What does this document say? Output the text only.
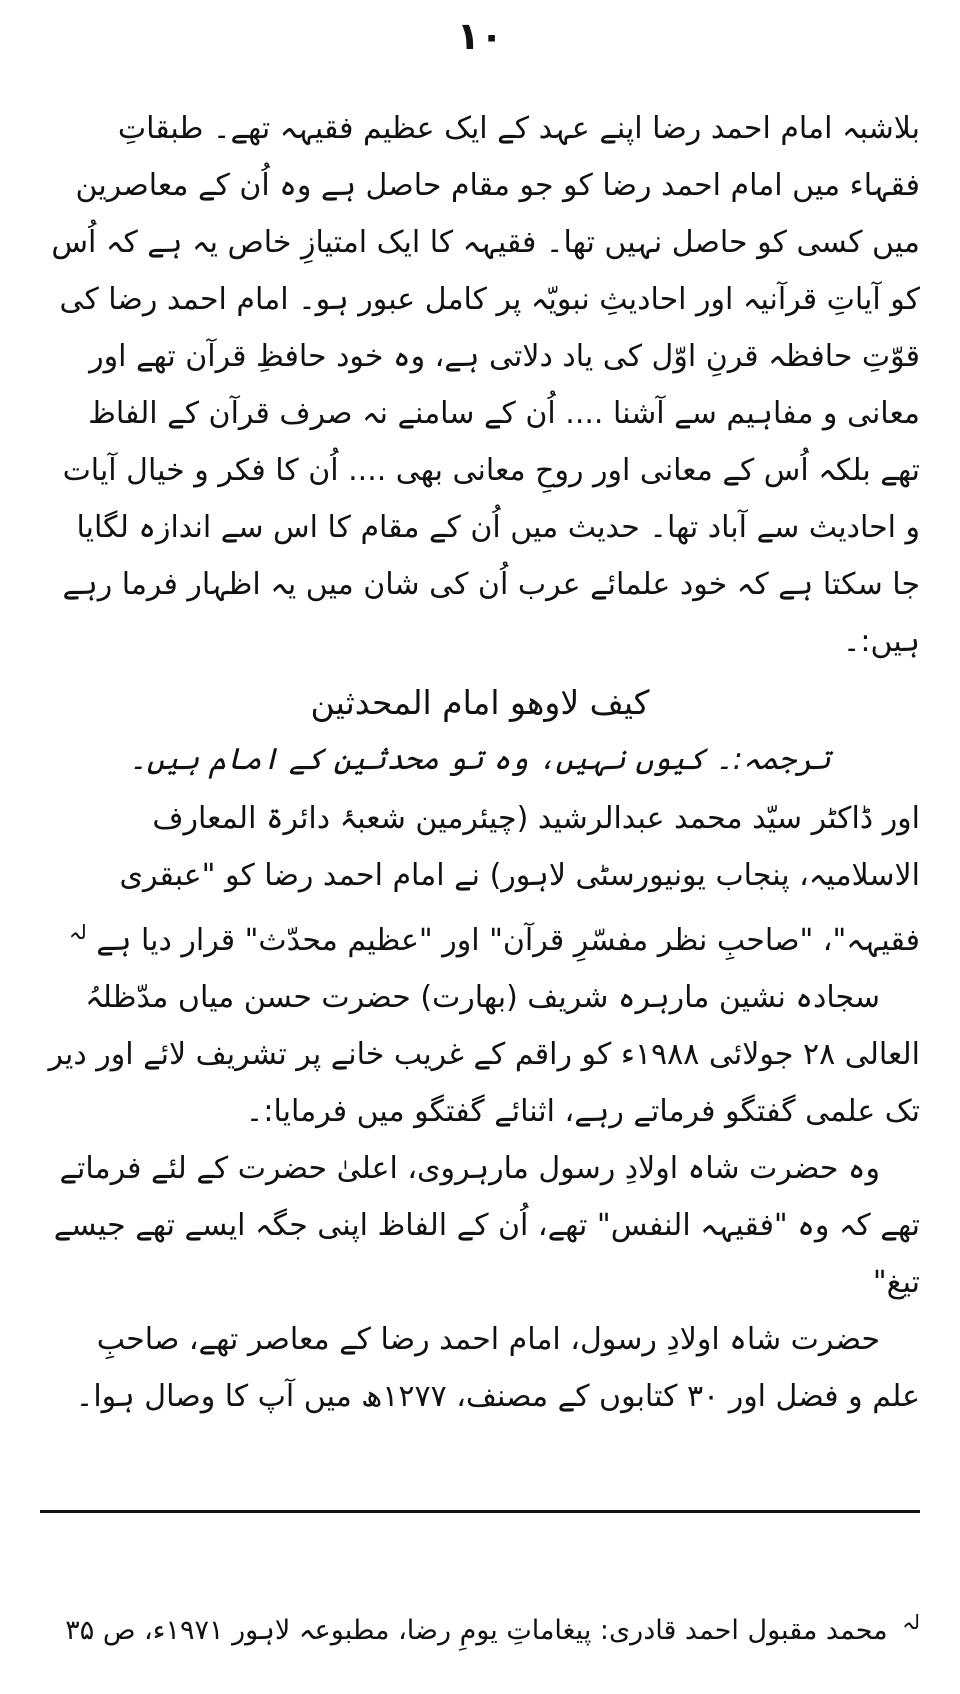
۱۰

بلاشبہ امام احمد رضا اپنے عہد کے ایک عظیم فقیہہ تھے۔ طبقاتِ فقہاء میں امام احمد رضا کو جو مقام حاصل ہے وہ اُن کے معاصرین میں کسی کو حاصل نہیں تھا۔ فقیہہ کا ایک امتیازِ خاص یہ ہے کہ اُس کو آیاتِ قرآنیہ اور احادیثِ نبویّہ پر کامل عبور ہو۔ امام احمد رضا کی قوّتِ حافظہ قرنِ اوّل کی یاد دلاتی ہے، وہ خود حافظِ قرآن تھے اور معانی و مفاہیم سے آشنا .... اُن کے سامنے نہ صرف قرآن کے الفاظ تھے بلکہ اُس کے معانی اور روحِ معانی بھی .... اُن کا فکر و خیال آیات و احادیث سے آباد تھا۔ حدیث میں اُن کے مقام کا اس سے اندازہ لگایا جا سکتا ہے کہ خود علمائے عرب اُن کی شان میں یہ اظہار فرما رہے ہیں:۔

کیف لاوھو امام المحدثین

ترجمہ:۔ کیوں نہیں، وہ تو محدثین کے امام ہیں۔

اور ڈاکٹر سیّد محمد عبدالرشید (چیئرمین شعبۂ دائرۃ المعارف الاسلامیہ، پنجاب یونیورسٹی لاہور) نے امام احمد رضا کو "عبقری فقیہہ"، "صاحبِ نظر مفسّرِ قرآن" اور "عظیم محدّث" قرار دیا ہے $^{لہ}$

سجادہ نشین مارہرہ شریف (بھارت) حضرت حسن میاں مدّظلہُ العالی ۲۸ جولائی ۱۹۸۸ء کو راقم کے غریب خانے پر تشریف لائے اور دیر تک علمی گفتگو فرماتے رہے، اثنائے گفتگو میں فرمایا:۔

وہ حضرت شاہ اولادِ رسول مارہروی، اعلیٰ حضرت کے لئے فرماتے تھے کہ وہ "فقیہہ النفس" تھے، اُن کے الفاظ اپنی جگہ ایسے تھے جیسے تیغ"

حضرت شاہ اولادِ رسول، امام احمد رضا کے معاصر تھے، صاحبِ علم و فضل اور ۳۰ کتابوں کے مصنف، ۱۲۷۷ھ میں آپ کا وصال ہوا۔

$^{لہ}$ محمد مقبول احمد قادری: پیغاماتِ یومِ رضا، مطبوعہ لاہور ۱۹۷۱ء، ص ۳۵
